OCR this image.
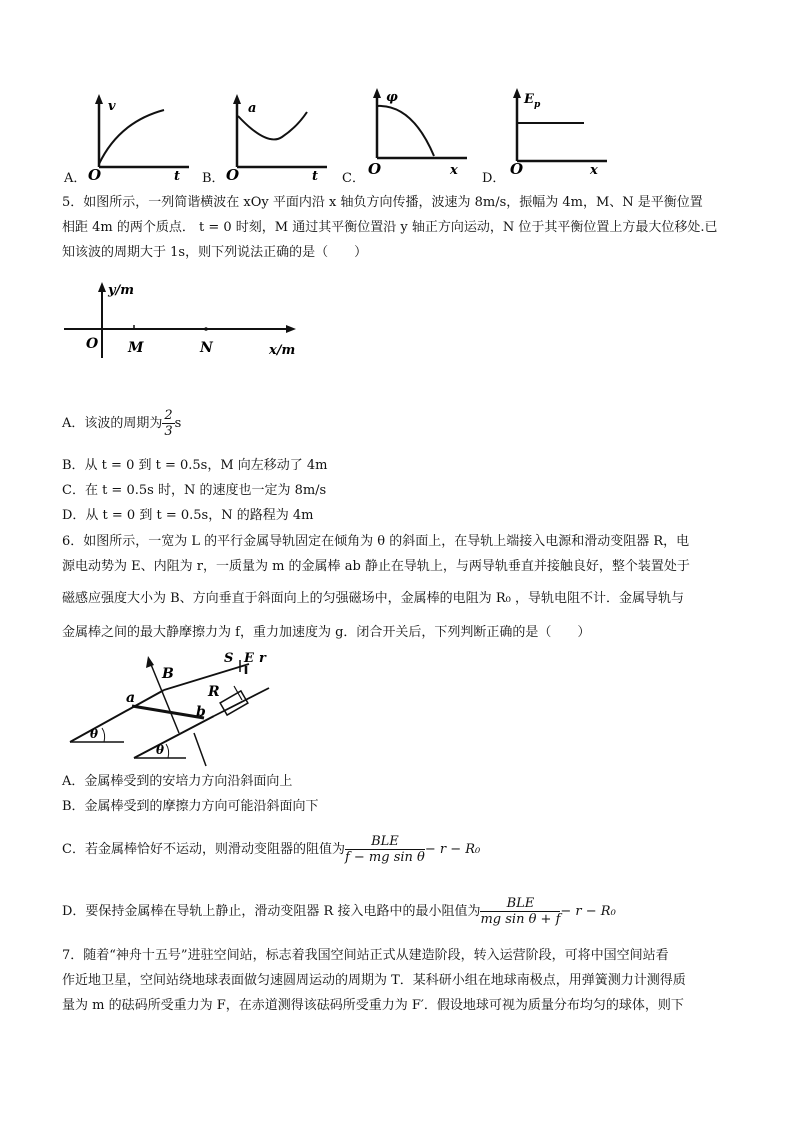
A．
v
O	t B．
a
O	t C．
φ
O	x
D．
E p
O	x
5．如图所示，一列简谐横波在 xOy 平面内沿 x 轴负方向传播，波速为 8m/s，振幅为 4m，M、N 是平衡位置
相距 4m 的两个质点． t = 0 时刻，M 通过其平衡位置沿 y 轴正方向运动，N 位于其平衡位置上方最大位移处.已
知该波的周期大于 1s，则下列说法正确的是（　　）
y/m
O M	N	x/m
A．该波的周期为 $\frac{2}{3}$ s
B．从 t = 0 到 t = 0.5s，M 向左移动了 4m
C．在 t = 0.5s 时，N 的速度也一定为 8m/s
D．从 t = 0 到 t = 0.5s，N 的路程为 4m
6．如图所示，一宽为 L 的平行金属导轨固定在倾角为 θ 的斜面上，在导轨上端接入电源和滑动变阻器 R，电
源电动势为 E、内阻为 r，一质量为 m 的金属棒 ab 静止在导轨上，与两导轨垂直并接触良好，整个装置处于
磁感应强度大小为 B、方向垂直于斜面向上的匀强磁场中，金属棒的电阻为 R₀ ，导轨电阻不计．金属导轨与
金属棒之间的最大静摩擦力为 f，重力加速度为 g．闭合开关后，下列判断正确的是（　　）
B
S E r
a
b
R
θ
θ
A．金属棒受到的安培力方向沿斜面向上
B．金属棒受到的摩擦力方向可能沿斜面向下
C．若金属棒恰好不运动，则滑动变阻器的阻值为 $\frac{\text{BLE}}{\text{f − mg sin θ}} - r - R_0$
D．要保持金属棒在导轨上静止，滑动变阻器 R 接入电路中的最小阻值为 $\frac{\text{BLE}}{\text{mg sin θ + f}} - r - R_0$
7．随着“神舟十五号”进驻空间站，标志着我国空间站正式从建造阶段，转入运营阶段，可将中国空间站看
作近地卫星，空间站绕地球表面做匀速圆周运动的周期为 T．某科研小组在地球南极点，用弹簧测力计测得质
量为 m 的砝码所受重力为 F，在赤道测得该砝码所受重力为 F′．假设地球可视为质量分布均匀的球体，则下
